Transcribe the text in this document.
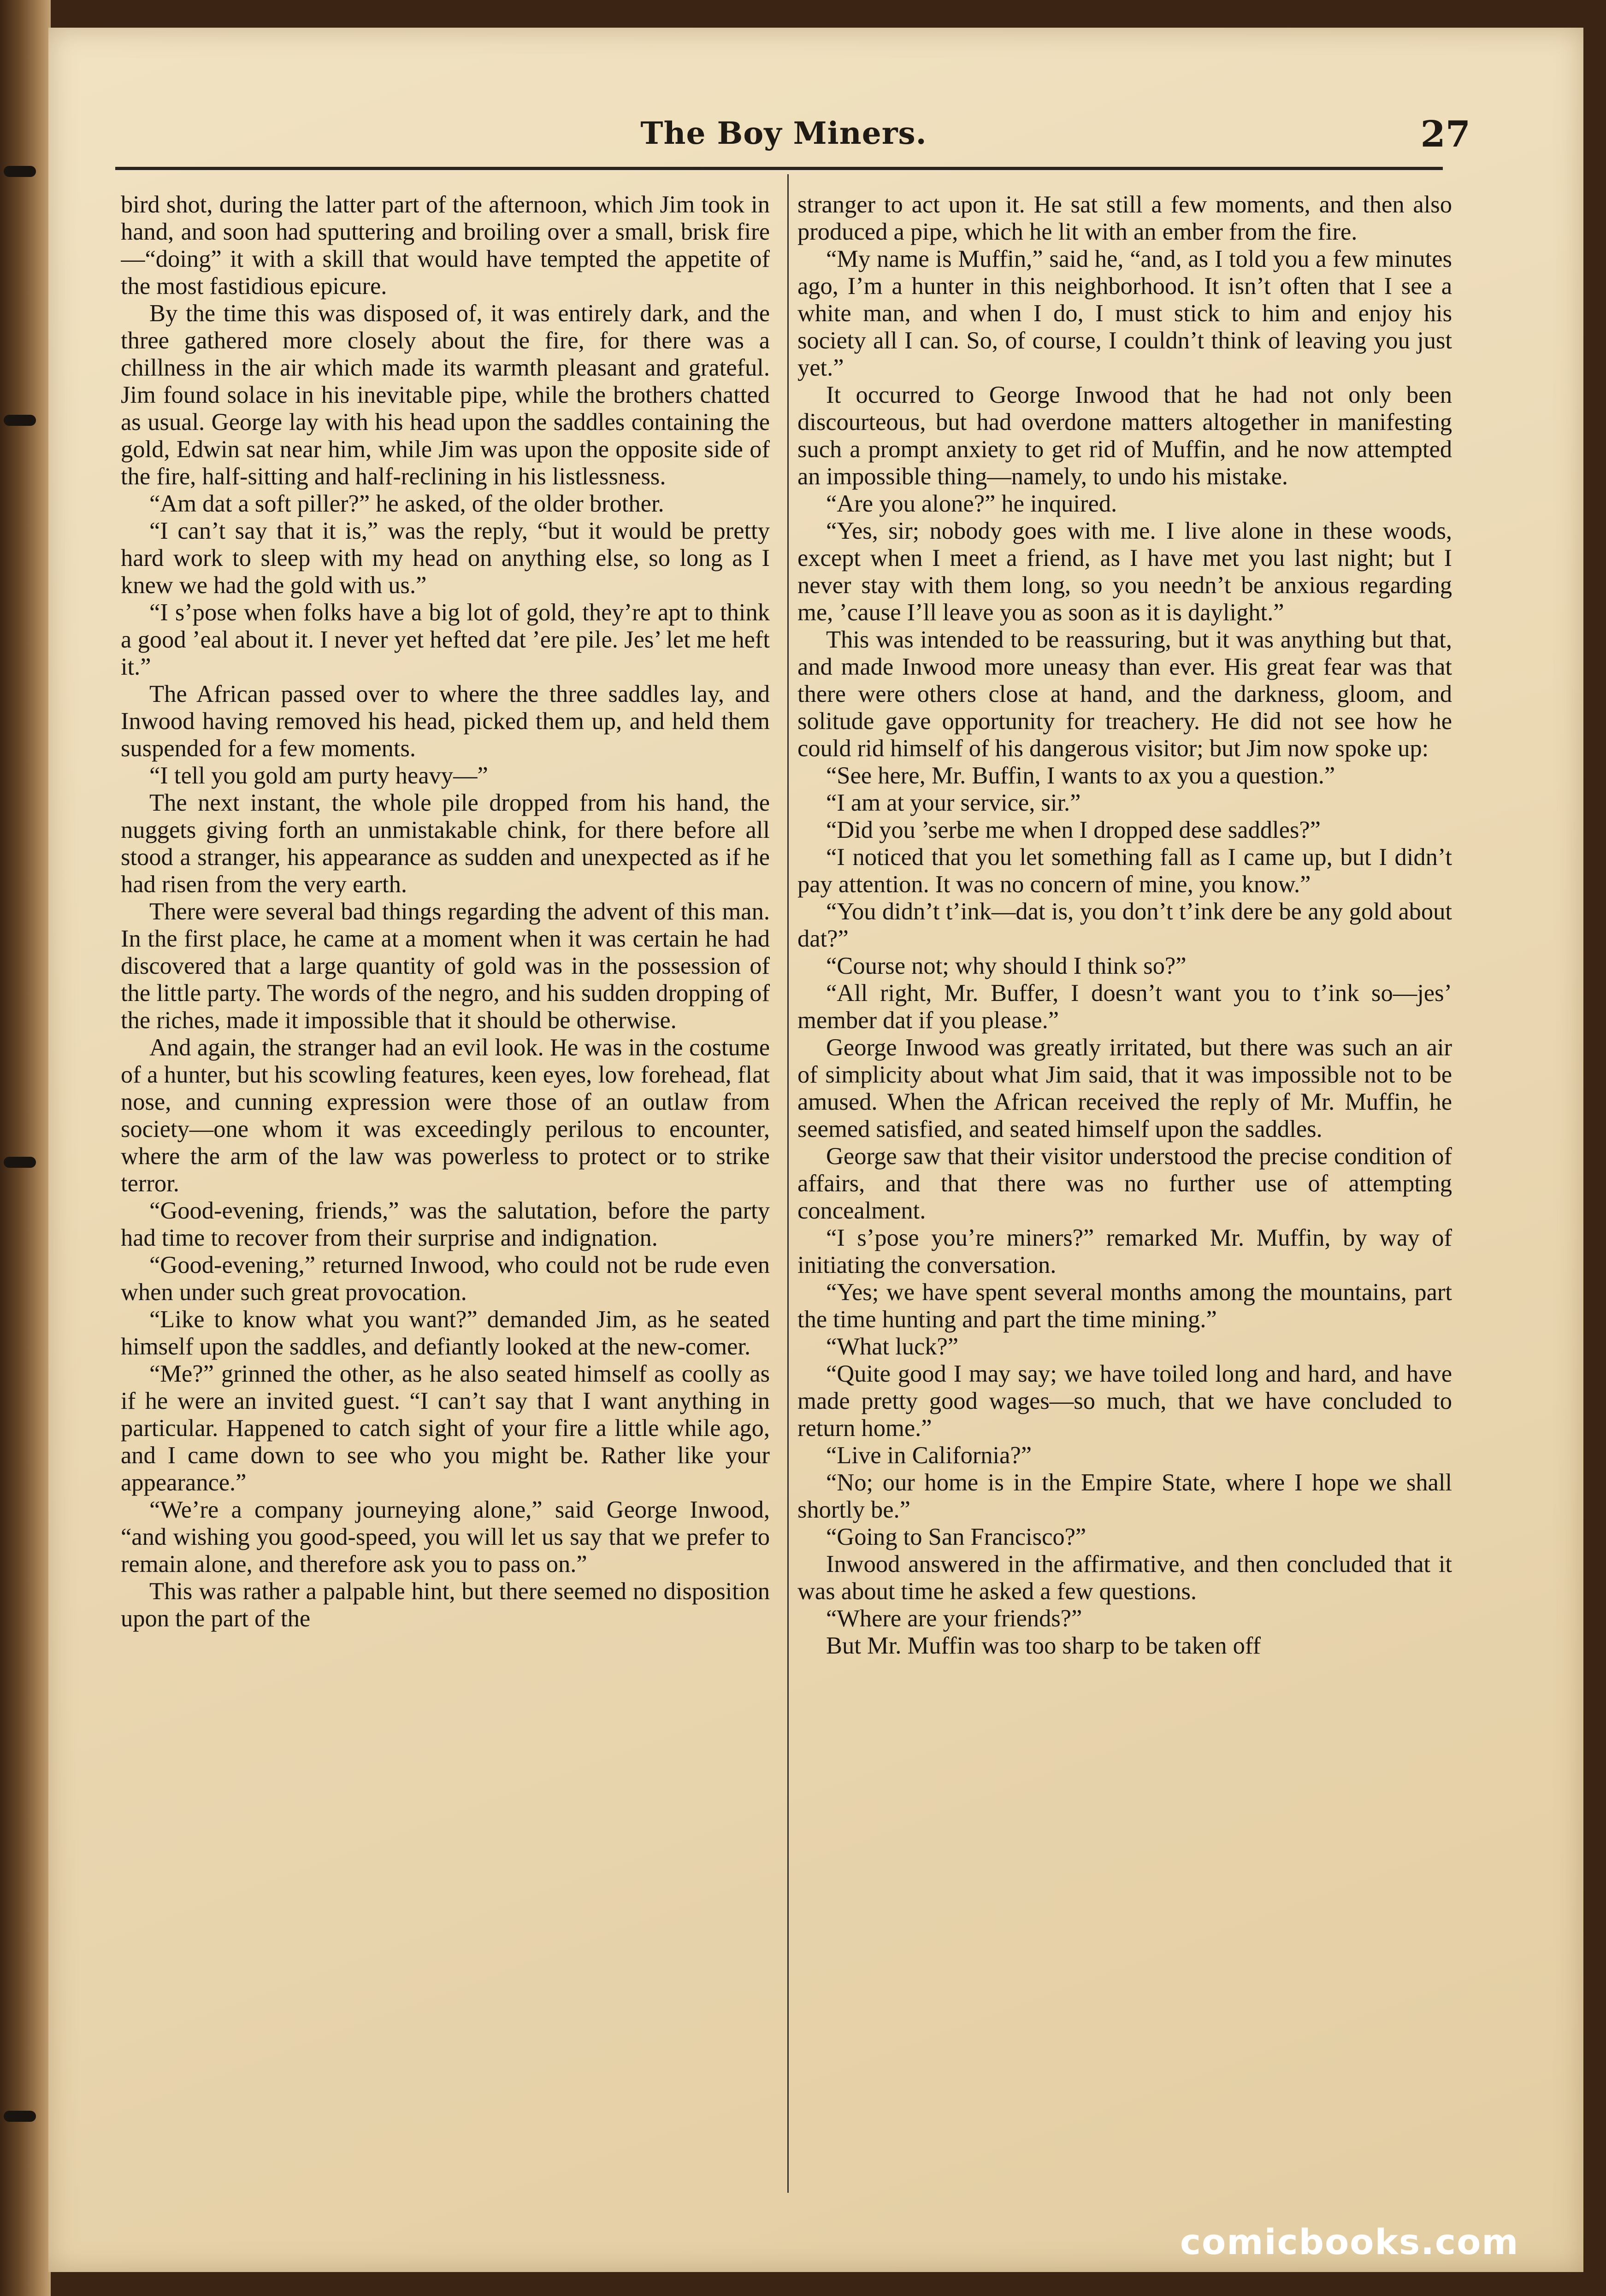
The Boy Miners.	27

bird shot, during the latter part of the afternoon, which Jim took in hand, and soon had sputtering and broiling over a small, brisk fire —“doing” it with a skill that would have tempted the appetite of the most fastidious epicure.

By the time this was disposed of, it was entirely dark, and the three gathered more closely about the fire, for there was a chillness in the air which made its warmth pleasant and grateful. Jim found solace in his inevitable pipe, while the brothers chatted as usual. George lay with his head upon the saddles containing the gold, Edwin sat near him, while Jim was upon the opposite side of the fire, half-sitting and half-reclining in his listlessness.

“Am dat a soft piller?” he asked, of the older brother.

“I can’t say that it is,” was the reply, “but it would be pretty hard work to sleep with my head on anything else, so long as I knew we had the gold with us.”

“I s’pose when folks have a big lot of gold, they’re apt to think a good ’eal about it. I never yet hefted dat ’ere pile. Jes’ let me heft it.”

The African passed over to where the three saddles lay, and Inwood having removed his head, picked them up, and held them suspended for a few moments.

“I tell you gold am purty heavy—”

The next instant, the whole pile dropped from his hand, the nuggets giving forth an unmistakable chink, for there before all stood a stranger, his appearance as sudden and unexpected as if he had risen from the very earth.

There were several bad things regarding the advent of this man. In the first place, he came at a moment when it was certain he had discovered that a large quantity of gold was in the possession of the little party. The words of the negro, and his sudden dropping of the riches, made it impossible that it should be otherwise.

And again, the stranger had an evil look. He was in the costume of a hunter, but his scowling features, keen eyes, low forehead, flat nose, and cunning expression were those of an outlaw from society—one whom it was exceedingly perilous to encounter, where the arm of the law was powerless to protect or to strike terror.

“Good-evening, friends,” was the salutation, before the party had time to recover from their surprise and indignation.

“Good-evening,” returned Inwood, who could not be rude even when under such great provocation.

“Like to know what you want?” demanded Jim, as he seated himself upon the saddles, and defiantly looked at the new-comer.

“Me?” grinned the other, as he also seated himself as coolly as if he were an invited guest. “I can’t say that I want anything in particular. Happened to catch sight of your fire a little while ago, and I came down to see who you might be. Rather like your appearance.”

“We’re a company journeying alone,” said George Inwood, “and wishing you good-speed, you will let us say that we prefer to remain alone, and therefore ask you to pass on.”

This was rather a palpable hint, but there seemed no disposition upon the part of the

stranger to act upon it. He sat still a few moments, and then also produced a pipe, which he lit with an ember from the fire.

“My name is Muffin,” said he, “and, as I told you a few minutes ago, I’m a hunter in this neighborhood. It isn’t often that I see a white man, and when I do, I must stick to him and enjoy his society all I can. So, of course, I couldn’t think of leaving you just yet.”

It occurred to George Inwood that he had not only been discourteous, but had overdone matters altogether in manifesting such a prompt anxiety to get rid of Muffin, and he now attempted an impossible thing—namely, to undo his mistake.

“Are you alone?” he inquired.

“Yes, sir; nobody goes with me. I live alone in these woods, except when I meet a friend, as I have met you last night; but I never stay with them long, so you needn’t be anxious regarding me, ’cause I’ll leave you as soon as it is daylight.”

This was intended to be reassuring, but it was anything but that, and made Inwood more uneasy than ever. His great fear was that there were others close at hand, and the darkness, gloom, and solitude gave opportunity for treachery. He did not see how he could rid himself of his dangerous visitor; but Jim now spoke up:

“See here, Mr. Buffin, I wants to ax you a question.”

“I am at your service, sir.”

“Did you ’serbe me when I dropped dese saddles?”

“I noticed that you let something fall as I came up, but I didn’t pay attention. It was no concern of mine, you know.”

“You didn’t t’ink—dat is, you don’t t’ink dere be any gold about dat?”

“Course not; why should I think so?”

“All right, Mr. Buffer, I doesn’t want you to t’ink so—jes’ member dat if you please.”

George Inwood was greatly irritated, but there was such an air of simplicity about what Jim said, that it was impossible not to be amused. When the African received the reply of Mr. Muffin, he seemed satisfied, and seated himself upon the saddles.

George saw that their visitor understood the precise condition of affairs, and that there was no further use of attempting concealment.

“I s’pose you’re miners?” remarked Mr. Muffin, by way of initiating the conversation.

“Yes; we have spent several months among the mountains, part the time hunting and part the time mining.”

“What luck?”

“Quite good I may say; we have toiled long and hard, and have made pretty good wages—so much, that we have concluded to return home.”

“Live in California?”

“No; our home is in the Empire State, where I hope we shall shortly be.”

“Going to San Francisco?”

Inwood answered in the affirmative, and then concluded that it was about time he asked a few questions.

“Where are your friends?”

But Mr. Muffin was too sharp to be taken off

comicbooks.com
